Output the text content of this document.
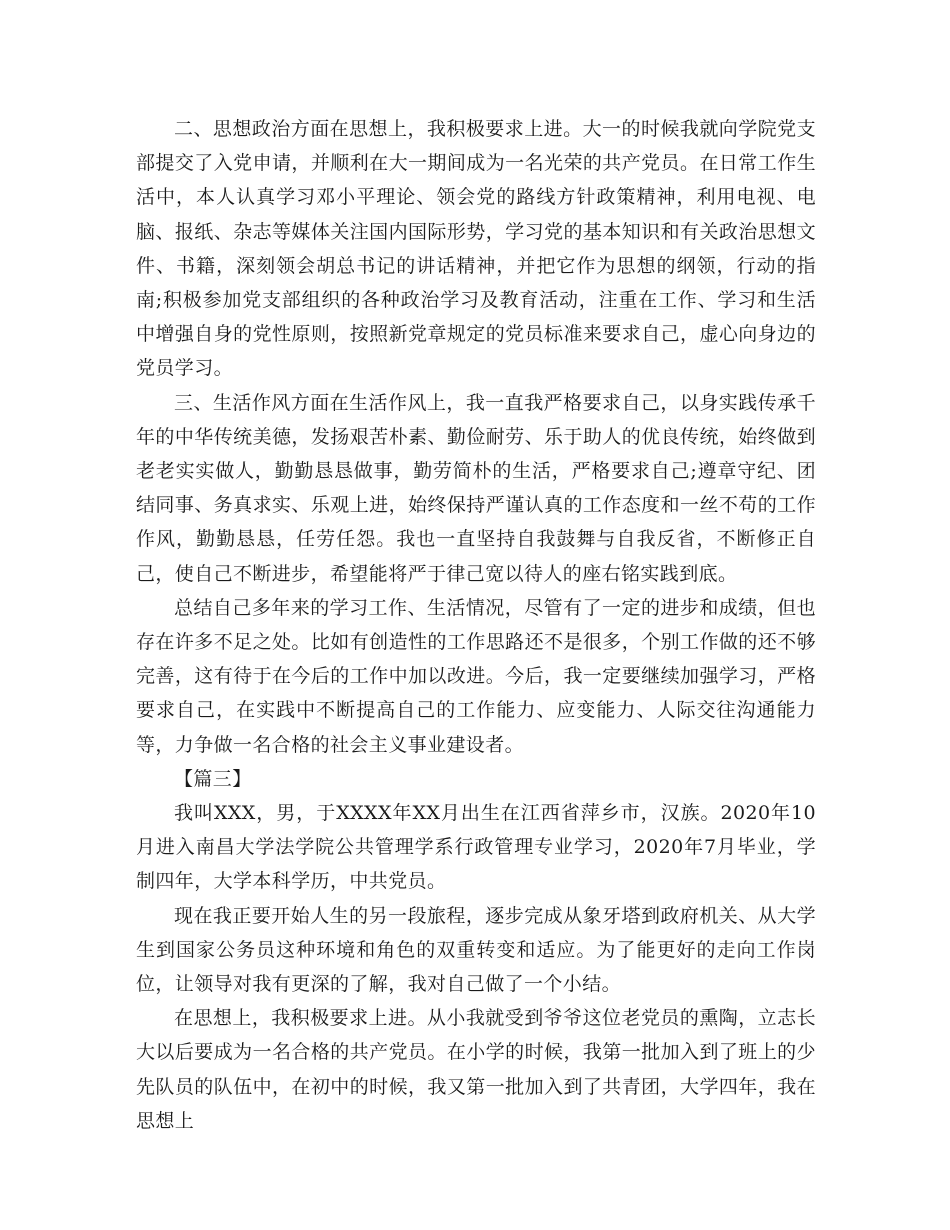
二、思想政治方面在思想上，我积极要求上进。大一的时候我就向学院党支部提交了入党申请，并顺利在大一期间成为一名光荣的共产党员。在日常工作生活中，本人认真学习邓小平理论、领会党的路线方针政策精神，利用电视、电脑、报纸、杂志等媒体关注国内国际形势，学习党的基本知识和有关政治思想文件、书籍，深刻领会胡总书记的讲话精神，并把它作为思想的纲领，行动的指南;积极参加党支部组织的各种政治学习及教育活动，注重在工作、学习和生活中增强自身的党性原则，按照新党章规定的党员标准来要求自己，虚心向身边的党员学习。

三、生活作风方面在生活作风上，我一直我严格要求自己，以身实践传承千年的中华传统美德，发扬艰苦朴素、勤俭耐劳、乐于助人的优良传统，始终做到老老实实做人，勤勤恳恳做事，勤劳简朴的生活，严格要求自己;遵章守纪、团结同事、务真求实、乐观上进，始终保持严谨认真的工作态度和一丝不苟的工作作风，勤勤恳恳，任劳任怨。我也一直坚持自我鼓舞与自我反省，不断修正自己，使自己不断进步，希望能将严于律己宽以待人的座右铭实践到底。

总结自己多年来的学习工作、生活情况，尽管有了一定的进步和成绩，但也存在许多不足之处。比如有创造性的工作思路还不是很多，个别工作做的还不够完善，这有待于在今后的工作中加以改进。今后，我一定要继续加强学习，严格要求自己，在实践中不断提高自己的工作能力、应变能力、人际交往沟通能力等，力争做一名合格的社会主义事业建设者。

【篇三】

我叫XXX，男，于XXXX年XX月出生在江西省萍乡市，汉族。2020年10月进入南昌大学法学院公共管理学系行政管理专业学习，2020年7月毕业，学制四年，大学本科学历，中共党员。

现在我正要开始人生的另一段旅程，逐步完成从象牙塔到政府机关、从大学生到国家公务员这种环境和角色的双重转变和适应。为了能更好的走向工作岗位，让领导对我有更深的了解，我对自己做了一个小结。

在思想上，我积极要求上进。从小我就受到爷爷这位老党员的熏陶，立志长大以后要成为一名合格的共产党员。在小学的时候，我第一批加入到了班上的少先队员的队伍中，在初中的时候，我又第一批加入到了共青团，大学四年，我在思想上
